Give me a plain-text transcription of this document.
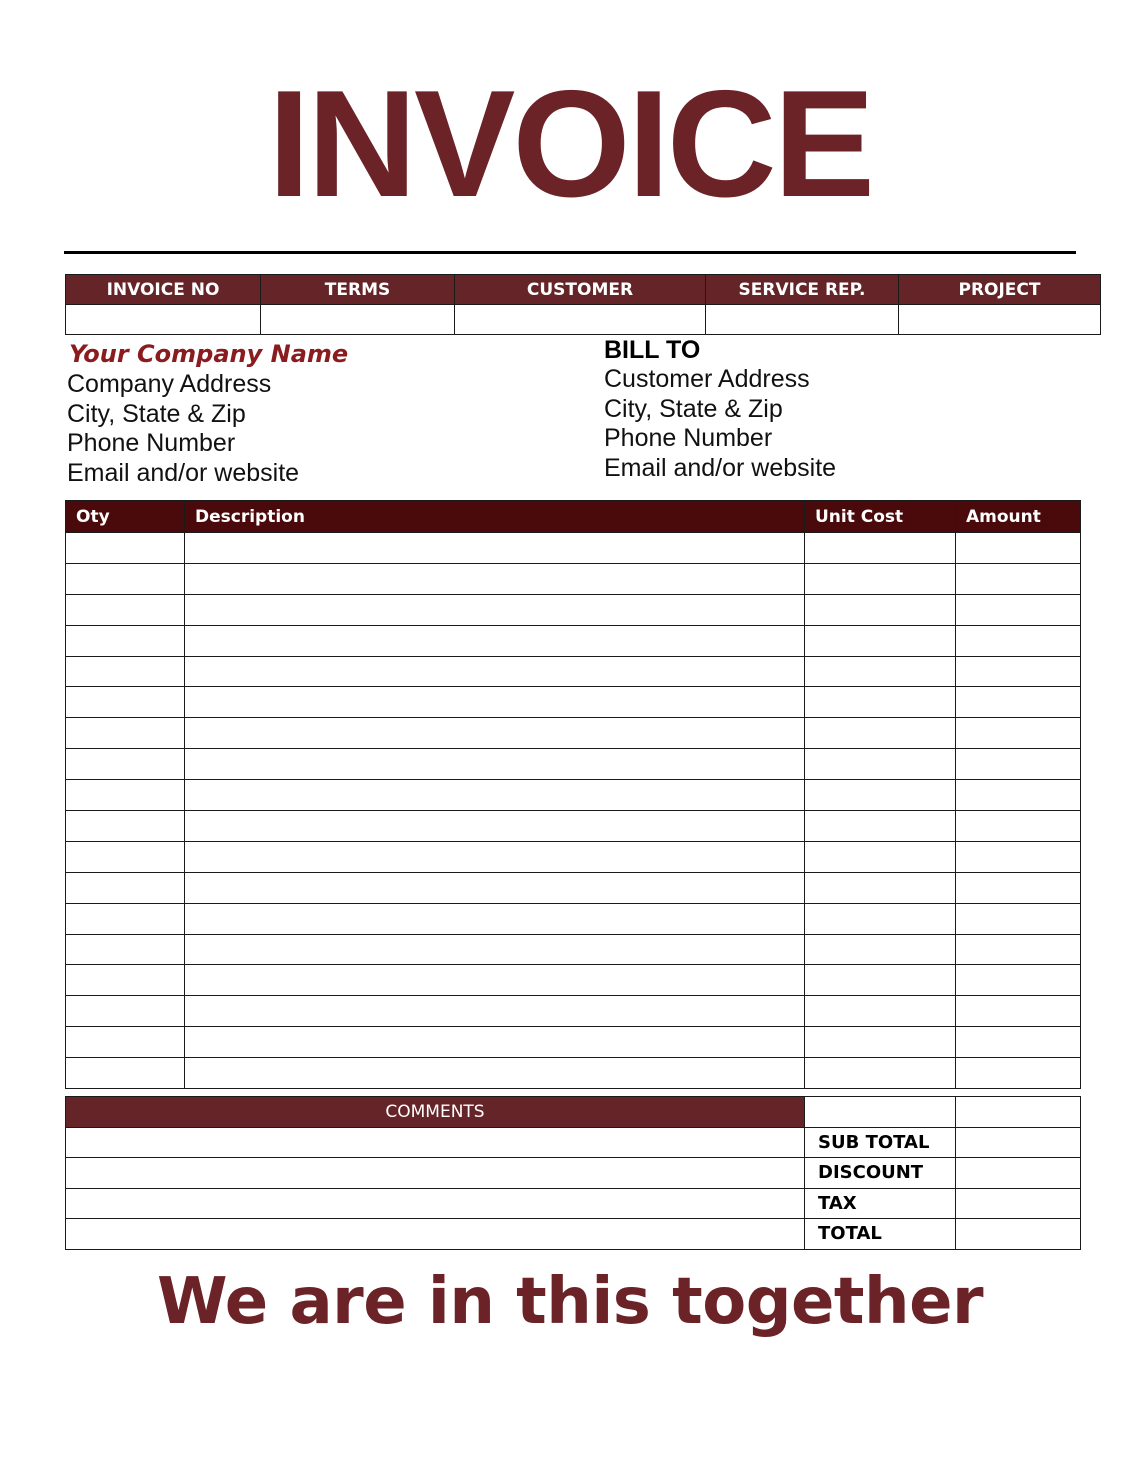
INVOICE
INVOICE NO	TERMS	CUSTOMER	SERVICE REP.	PROJECT

Your Company Name
Company Address
City, State & Zip
Phone Number
Email and/or website
BILL TO
Customer Address
City, State & Zip
Phone Number
Email and/or website
Oty	Description	Unit Cost	Amount

COMMENTS		
	SUB TOTAL	
	DISCOUNT	
	TAX	
	TOTAL	
We are in this together
